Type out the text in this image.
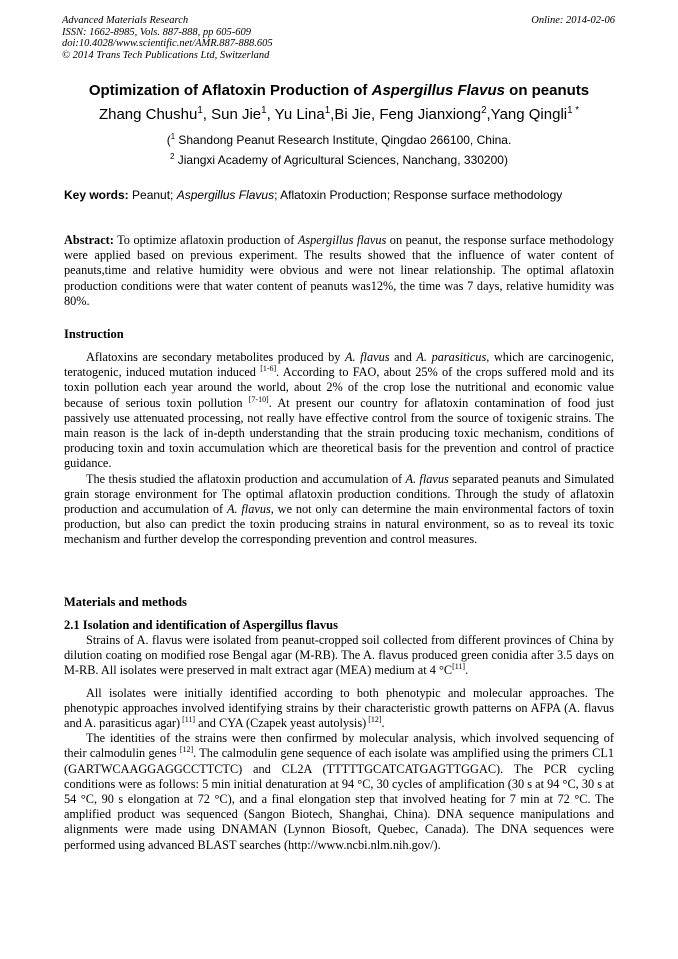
Advanced Materials Research
ISSN: 1662-8985, Vols. 887-888, pp 605-609
doi:10.4028/www.scientific.net/AMR.887-888.605
© 2014 Trans Tech Publications Ltd, Switzerland
Online: 2014-02-06
Optimization of Aflatoxin Production of Aspergillus Flavus on peanuts
Zhang Chushu$^1$, Sun Jie$^1$, Yu Lina$^1$,Bi Jie, Feng Jianxiong$^2$,Yang Qingli$^{1 *}$
($^1$ Shandong Peanut Research Institute, Qingdao 266100, China.
$^2$ Jiangxi Academy of Agricultural Sciences, Nanchang, 330200)
Key words: Peanut; Aspergillus Flavus; Aflatoxin Production; Response surface methodology

Abstract: To optimize aflatoxin production of Aspergillus flavus on peanut, the response surface methodology were applied based on previous experiment. The results showed that the influence of water content of peanuts,time and relative humidity were obvious and were not linear relationship. The optimal aflatoxin production conditions were that water content of peanuts was12%, the time was 7 days, relative humidity was 80%.

Instruction

Aflatoxins are secondary metabolites produced by A. flavus and A. parasiticus, which are carcinogenic, teratogenic, induced mutation induced [1-6]. According to FAO, about 25% of the crops suffered mold and its toxin pollution each year around the world, about 2% of the crop lose the nutritional and economic value because of serious toxin pollution [7-10]. At present our country for aflatoxin contamination of food just passively use attenuated processing, not really have effective control from the source of toxigenic strains. The main reason is the lack of in-depth understanding that the strain producing toxic mechanism, conditions of producing toxin and toxin accumulation which are theoretical basis for the prevention and control of practice guidance.

The thesis studied the aflatoxin production and accumulation of A. flavus separated peanuts and Simulated grain storage environment for The optimal aflatoxin production conditions. Through the study of aflatoxin production and accumulation of A. flavus, we not only can determine the main environmental factors of toxin production, but also can predict the toxin producing strains in natural environment, so as to reveal its toxic mechanism and further develop the corresponding prevention and control measures.

Materials and methods
2.1 Isolation and identification of Aspergillus flavus

Strains of A. flavus were isolated from peanut-cropped soil collected from different provinces of China by dilution coating on modified rose Bengal agar (M-RB). The A. flavus produced green conidia after 3.5 days on M-RB. All isolates were preserved in malt extract agar (MEA) medium at 4 °C[11].

All isolates were initially identified according to both phenotypic and molecular approaches. The phenotypic approaches involved identifying strains by their characteristic growth patterns on AFPA (A. flavus and A. parasiticus agar) [11] and CYA (Czapek yeast autolysis) [12].

The identities of the strains were then confirmed by molecular analysis, which involved sequencing of their calmodulin genes [12]. The calmodulin gene sequence of each isolate was amplified using the primers CL1 (GARTWCAAGGAGGCCTTCTC) and CL2A (TTTTTGCATCATGAGTTGGAC). The PCR cycling conditions were as follows: 5 min initial denaturation at 94 °C, 30 cycles of amplification (30 s at 94 °C, 30 s at 54 °C, 90 s elongation at 72 °C), and a final elongation step that involved heating for 7 min at 72 °C. The amplified product was sequenced (Sangon Biotech, Shanghai, China). DNA sequence manipulations and alignments were made using DNAMAN (Lynnon Biosoft, Quebec, Canada). The DNA sequences were performed using advanced BLAST searches (http://www.ncbi.nlm.nih.gov/).
